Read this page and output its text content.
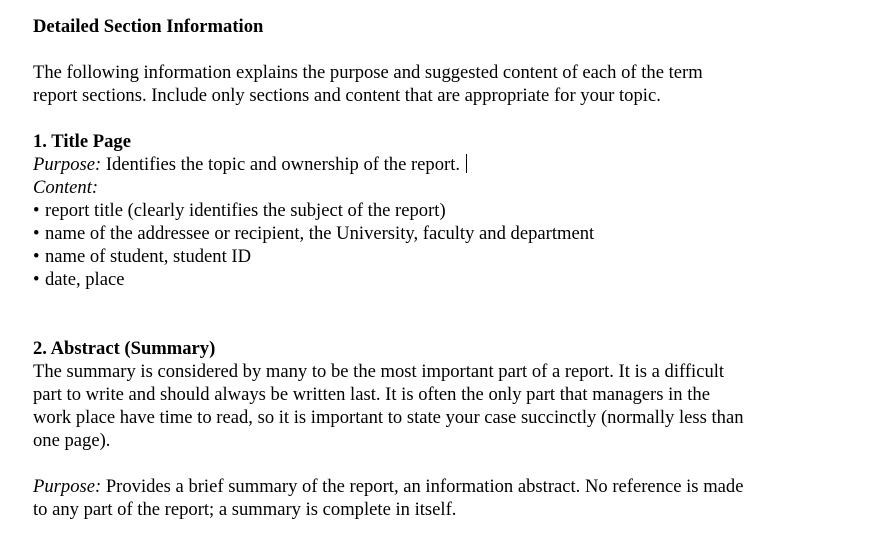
Detailed Section Information

The following information explains the purpose and suggested content of each of the term

report sections. Include only sections and content that are appropriate for your topic.

1. Title Page

Purpose: Identifies the topic and ownership of the report.

Content:

• report title (clearly identifies the subject of the report)

• name of the addressee or recipient, the University, faculty and department

• name of student, student ID

• date, place

2. Abstract (Summary)

The summary is considered by many to be the most important part of a report. It is a difficult

part to write and should always be written last. It is often the only part that managers in the

work place have time to read, so it is important to state your case succinctly (normally less than

one page).

Purpose: Provides a brief summary of the report, an information abstract. No reference is made

to any part of the report; a summary is complete in itself.
